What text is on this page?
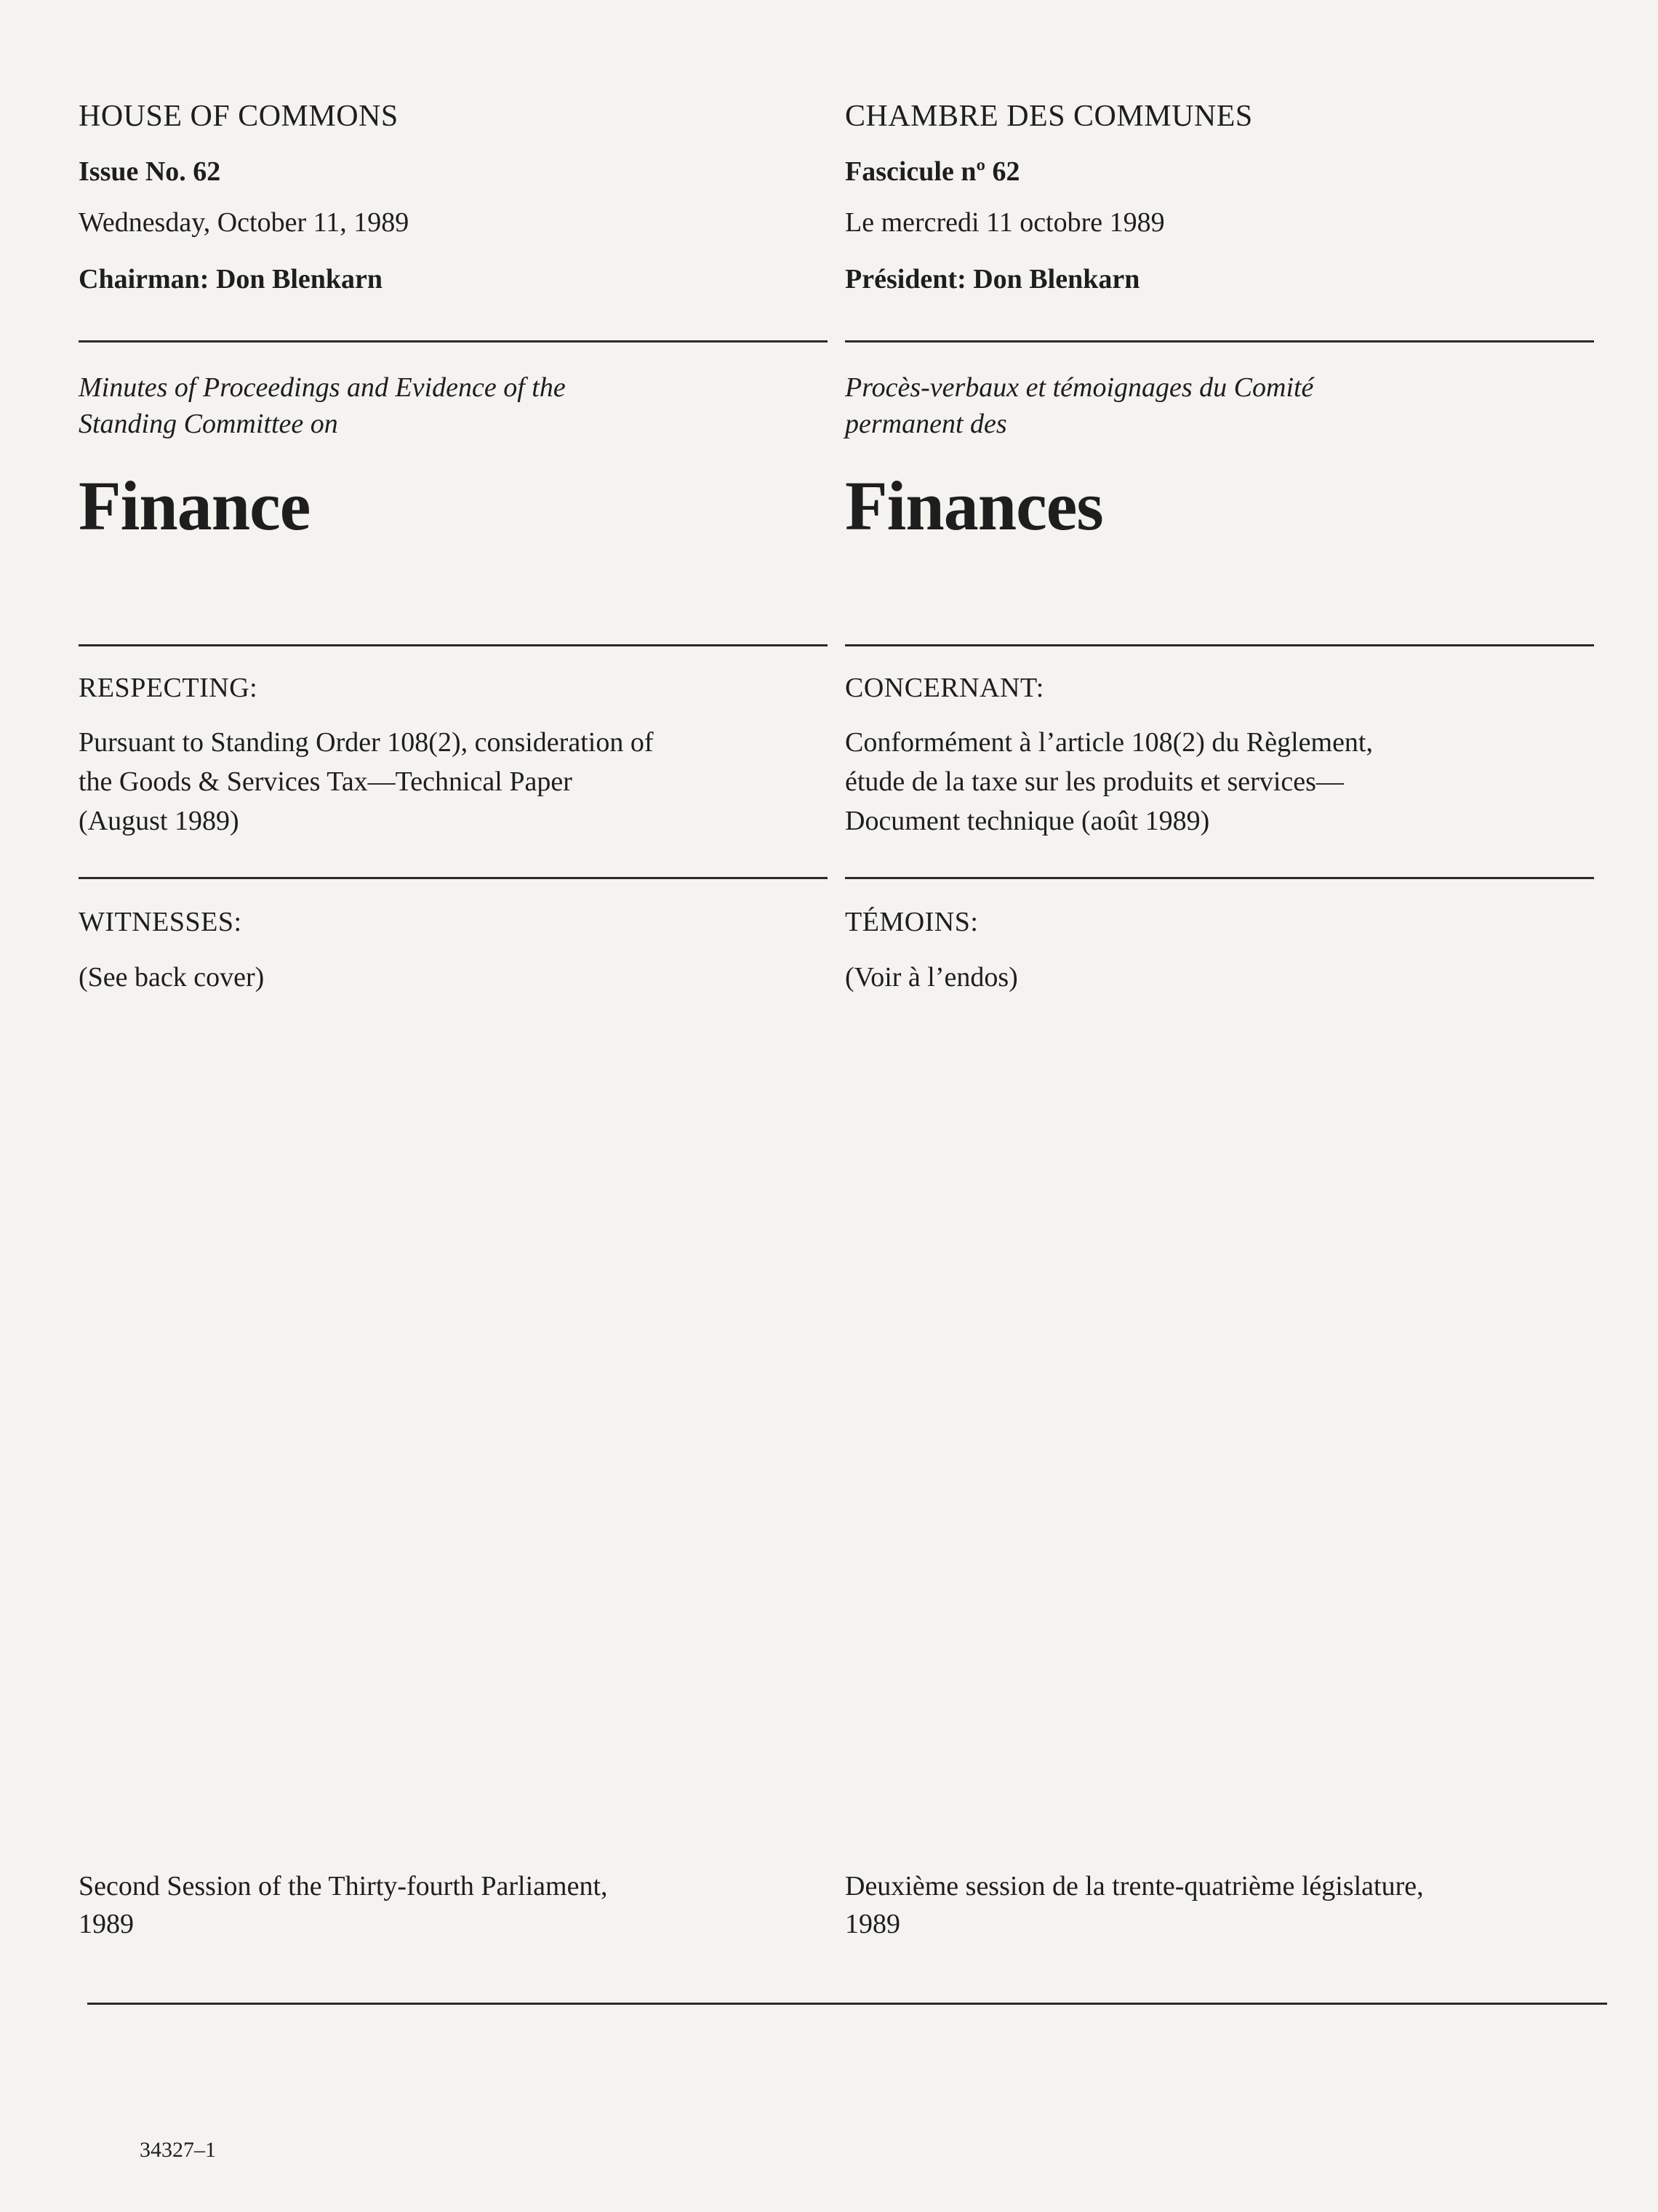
HOUSE OF COMMONS

Issue No. 62

Wednesday, October 11, 1989

Chairman: Don Blenkarn

Minutes of Proceedings and Evidence of the
Standing Committee on

Finance

RESPECTING:

Pursuant to Standing Order 108(2), consideration of
the Goods & Services Tax—Technical Paper
(August 1989)

WITNESSES:

(See back cover)

Second Session of the Thirty-fourth Parliament,
1989

CHAMBRE DES COMMUNES

Fascicule nº 62

Le mercredi 11 octobre 1989

Président: Don Blenkarn

Procès-verbaux et témoignages du Comité
permanent des

Finances

CONCERNANT:

Conformément à l’article 108(2) du Règlement,
étude de la taxe sur les produits et services—
Document technique (août 1989)

TÉMOINS:

(Voir à l’endos)

Deuxième session de la trente-quatrième législature,
1989

34327–1
